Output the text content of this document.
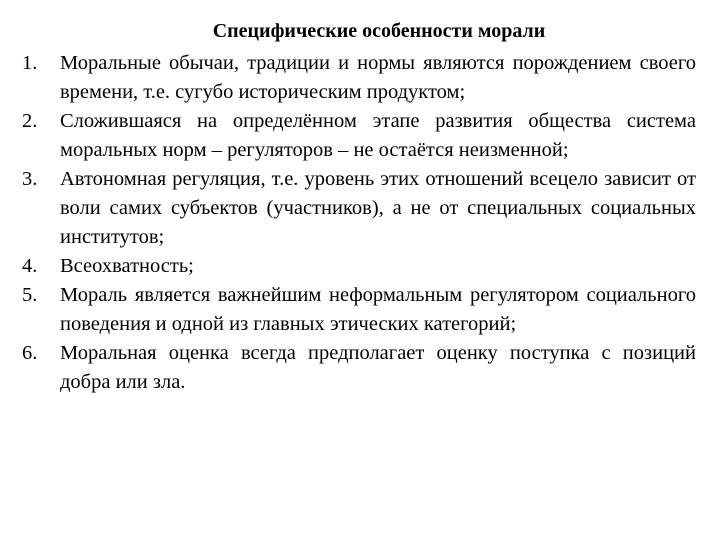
Специфические особенности морали
1.	Моральные обычаи, традиции и нормы являются порождением своего времени, т.е. сугубо историческим продуктом;
2.	Сложившаяся на определённом этапе развития общества система моральных норм – регуляторов – не остаётся неизменной;
3.	Автономная регуляция, т.е. уровень этих отношений всецело зависит от воли самих субъектов (участников), а не от специальных социальных институтов;
4.	Всеохватность;
5.	Мораль является важнейшим неформальным регулятором социального поведения и одной из главных этических категорий;
6.	Моральная оценка всегда предполагает оценку поступка с позиций добра или зла.
